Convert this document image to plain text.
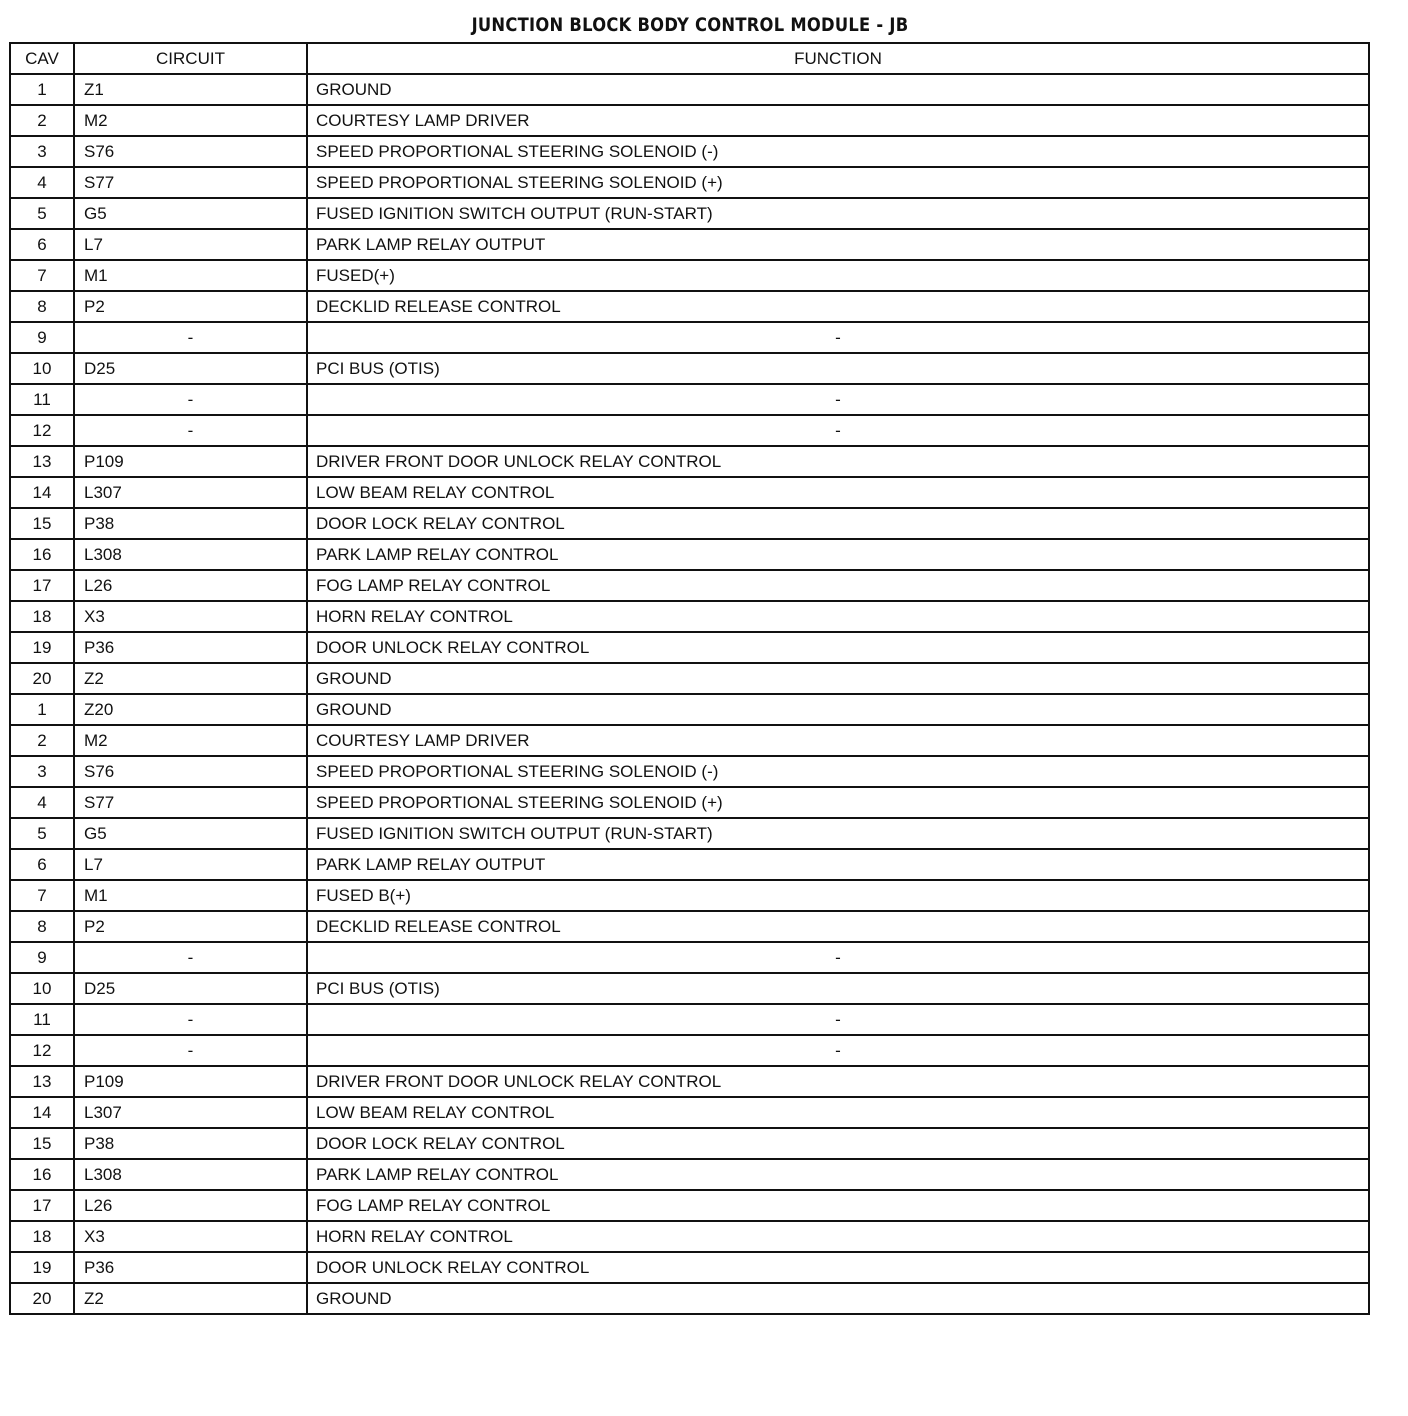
JUNCTION BLOCK BODY CONTROL MODULE - JB
CAV	CIRCUIT	FUNCTION
1	Z1	GROUND
2	M2	COURTESY LAMP DRIVER
3	S76	SPEED PROPORTIONAL STEERING SOLENOID (-)
4	S77	SPEED PROPORTIONAL STEERING SOLENOID (+)
5	G5	FUSED IGNITION SWITCH OUTPUT (RUN-START)
6	L7	PARK LAMP RELAY OUTPUT
7	M1	FUSED(+)
8	P2	DECKLID RELEASE CONTROL
9	-	-
10	D25	PCI BUS (OTIS)
11	-	-
12	-	-
13	P109	DRIVER FRONT DOOR UNLOCK RELAY CONTROL
14	L307	LOW BEAM RELAY CONTROL
15	P38	DOOR LOCK RELAY CONTROL
16	L308	PARK LAMP RELAY CONTROL
17	L26	FOG LAMP RELAY CONTROL
18	X3	HORN RELAY CONTROL
19	P36	DOOR UNLOCK RELAY CONTROL
20	Z2	GROUND
1	Z20	GROUND
2	M2	COURTESY LAMP DRIVER
3	S76	SPEED PROPORTIONAL STEERING SOLENOID (-)
4	S77	SPEED PROPORTIONAL STEERING SOLENOID (+)
5	G5	FUSED IGNITION SWITCH OUTPUT (RUN-START)
6	L7	PARK LAMP RELAY OUTPUT
7	M1	FUSED B(+)
8	P2	DECKLID RELEASE CONTROL
9	-	-
10	D25	PCI BUS (OTIS)
11	-	-
12	-	-
13	P109	DRIVER FRONT DOOR UNLOCK RELAY CONTROL
14	L307	LOW BEAM RELAY CONTROL
15	P38	DOOR LOCK RELAY CONTROL
16	L308	PARK LAMP RELAY CONTROL
17	L26	FOG LAMP RELAY CONTROL
18	X3	HORN RELAY CONTROL
19	P36	DOOR UNLOCK RELAY CONTROL
20	Z2	GROUND
